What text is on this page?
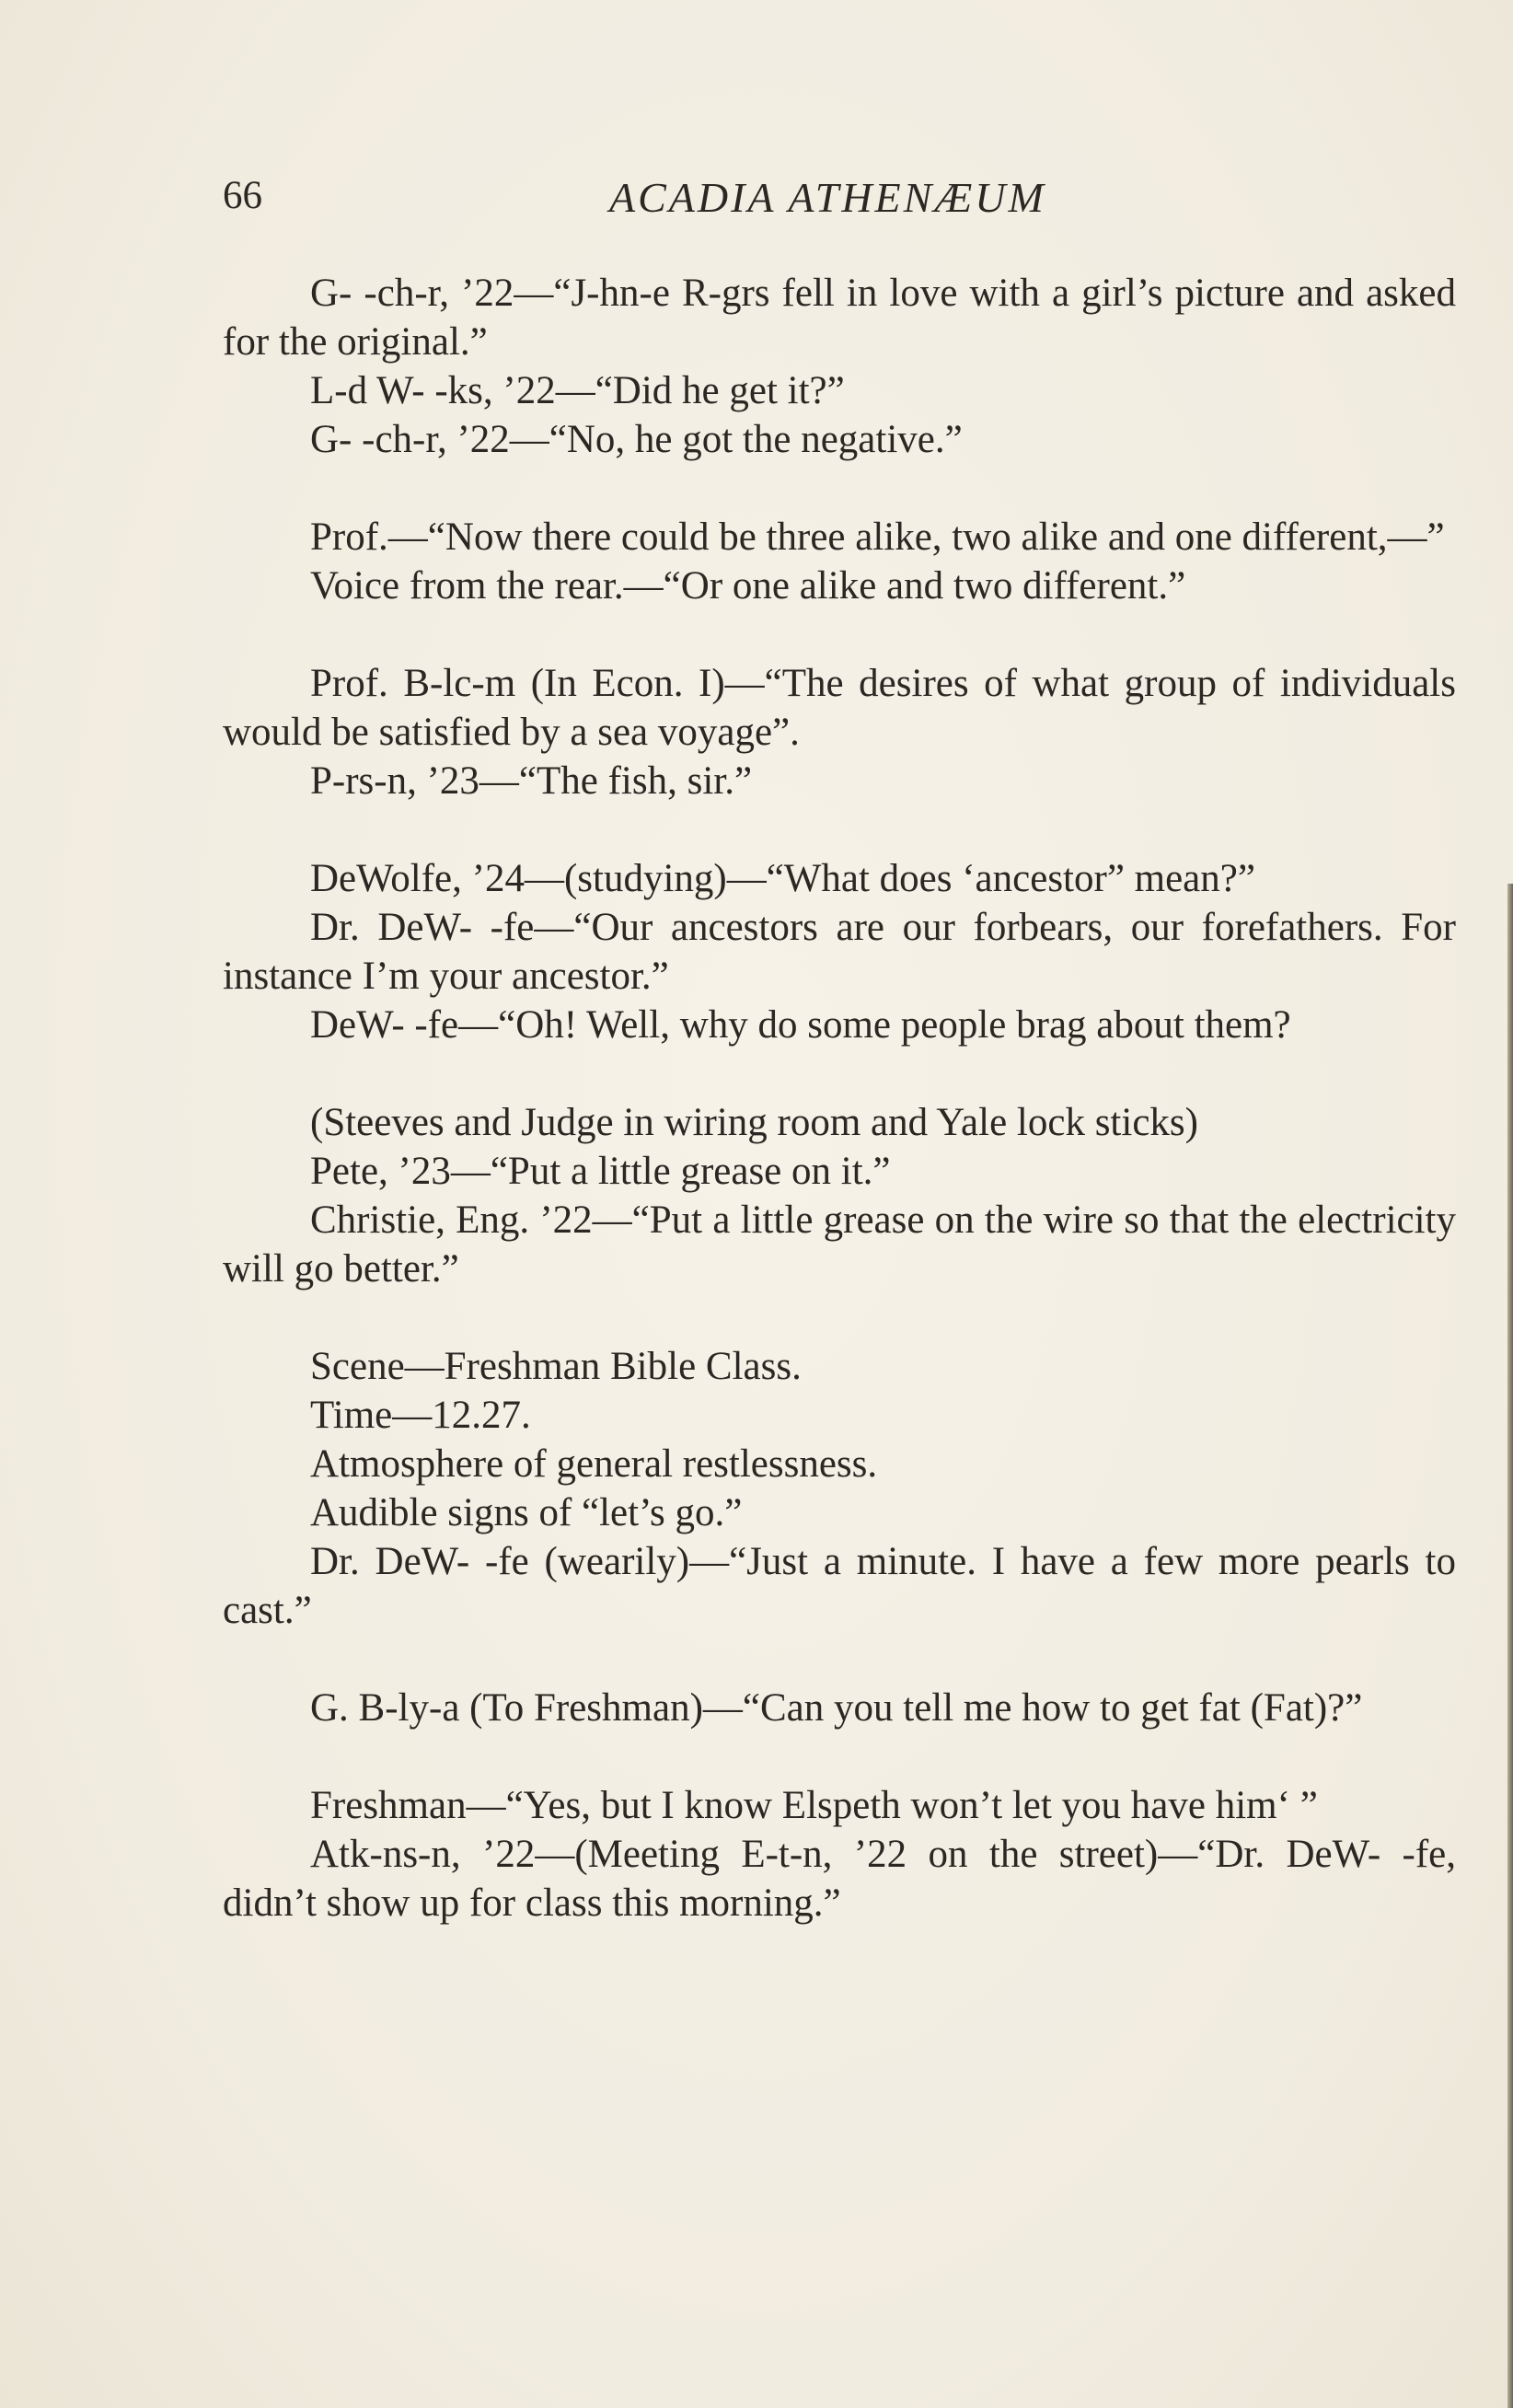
66	ACADIA ATHENÆUM

G- -ch-r, ’22—“J-hn-e R-grs fell in love with a girl’s picture and asked for the original.”

L-d W- -ks, ’22—“Did he get it?”

G- -ch-r, ’22—“No, he got the negative.”

Prof.—“Now there could be three alike, two alike and one different,—”

Voice from the rear.—“Or one alike and two different.”

Prof. B-lc-m (In Econ. I)—“The desires of what group of individuals would be satisfied by a sea voyage”.

P-rs-n, ’23—“The fish, sir.”

DeWolfe, ’24—(studying)—“What does ‘ancestor” mean?”

Dr. DeW- -fe—“Our ancestors are our forbears, our forefathers. For instance I’m your ancestor.”

DeW- -fe—“Oh! Well, why do some people brag about them?

(Steeves and Judge in wiring room and Yale lock sticks)

Pete, ’23—“Put a little grease on it.”

Christie, Eng. ’22—“Put a little grease on the wire so that the electricity will go better.”

Scene—Freshman Bible Class.

Time—12.27.

Atmosphere of general restlessness.

Audible signs of “let’s go.”

Dr. DeW- -fe (wearily)—“Just a minute. I have a few more pearls to cast.”

G. B-ly-a (To Freshman)—“Can you tell me how to get fat (Fat)?”

Freshman—“Yes, but I know Elspeth won’t let you have him‘ ”

Atk-ns-n, ’22—(Meeting E-t-n, ’22 on the street)—“Dr. DeW- -fe, didn’t show up for class this morning.”
